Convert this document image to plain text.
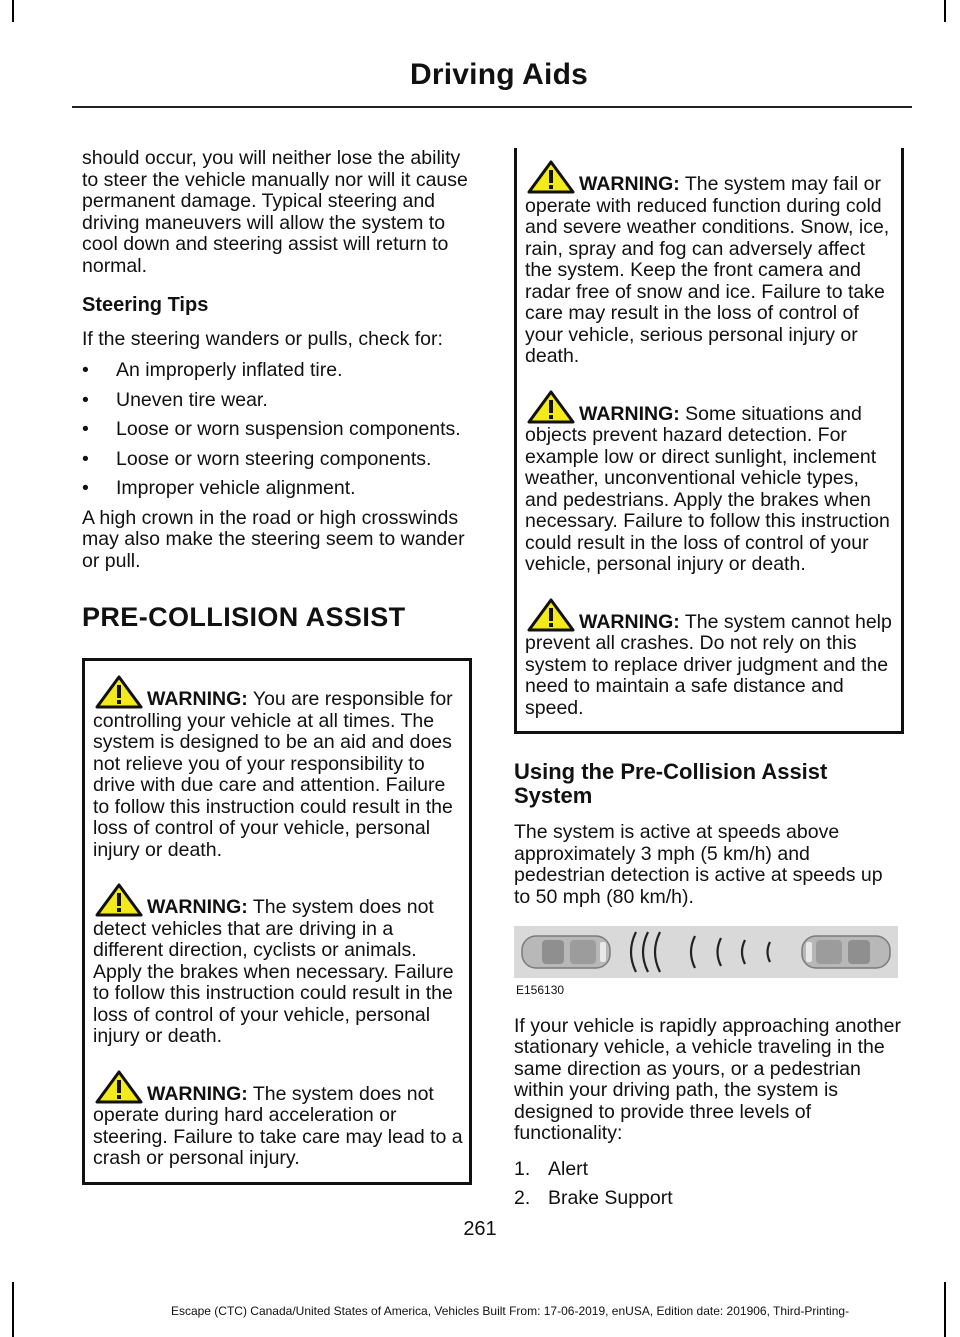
Driving Aids

should occur, you will neither lose the ability to steer the vehicle manually nor will it cause permanent damage. Typical steering and driving maneuvers will allow the system to cool down and steering assist will return to normal.

Steering Tips

If the steering wanders or pulls, check for:

• An improperly inflated tire.
• Uneven tire wear.
• Loose or worn suspension components.
• Loose or worn steering components.
• Improper vehicle alignment.

A high crown in the road or high crosswinds may also make the steering seem to wander or pull.

PRE-COLLISION ASSIST
WARNING: You are responsible for controlling your vehicle at all times. The system is designed to be an aid and does not relieve you of your responsibility to drive with due care and attention. Failure to follow this instruction could result in the loss of control of your vehicle, personal injury or death.
WARNING: The system does not detect vehicles that are driving in a different direction, cyclists or animals. Apply the brakes when necessary. Failure to follow this instruction could result in the loss of control of your vehicle, personal injury or death.
WARNING: The system does not operate during hard acceleration or steering. Failure to take care may lead to a crash or personal injury.
WARNING: The system may fail or operate with reduced function during cold and severe weather conditions. Snow, ice, rain, spray and fog can adversely affect the system. Keep the front camera and radar free of snow and ice. Failure to take care may result in the loss of control of your vehicle, serious personal injury or death.
WARNING: Some situations and objects prevent hazard detection. For example low or direct sunlight, inclement weather, unconventional vehicle types, and pedestrians. Apply the brakes when necessary. Failure to follow this instruction could result in the loss of control of your vehicle, personal injury or death.
WARNING: The system cannot help prevent all crashes. Do not rely on this system to replace driver judgment and the need to maintain a safe distance and speed.
Using the Pre-Collision Assist System

The system is active at speeds above approximately 3 mph (5 km/h) and pedestrian detection is active at speeds up to 50 mph (80 km/h).

E156130

If your vehicle is rapidly approaching another stationary vehicle, a vehicle traveling in the same direction as yours, or a pedestrian within your driving path, the system is designed to provide three levels of functionality:

1. Alert
2. Brake Support
261
Escape (CTC) Canada/United States of America, Vehicles Built From: 17-06-2019, enUSA, Edition date: 201906, Third-Printing-
